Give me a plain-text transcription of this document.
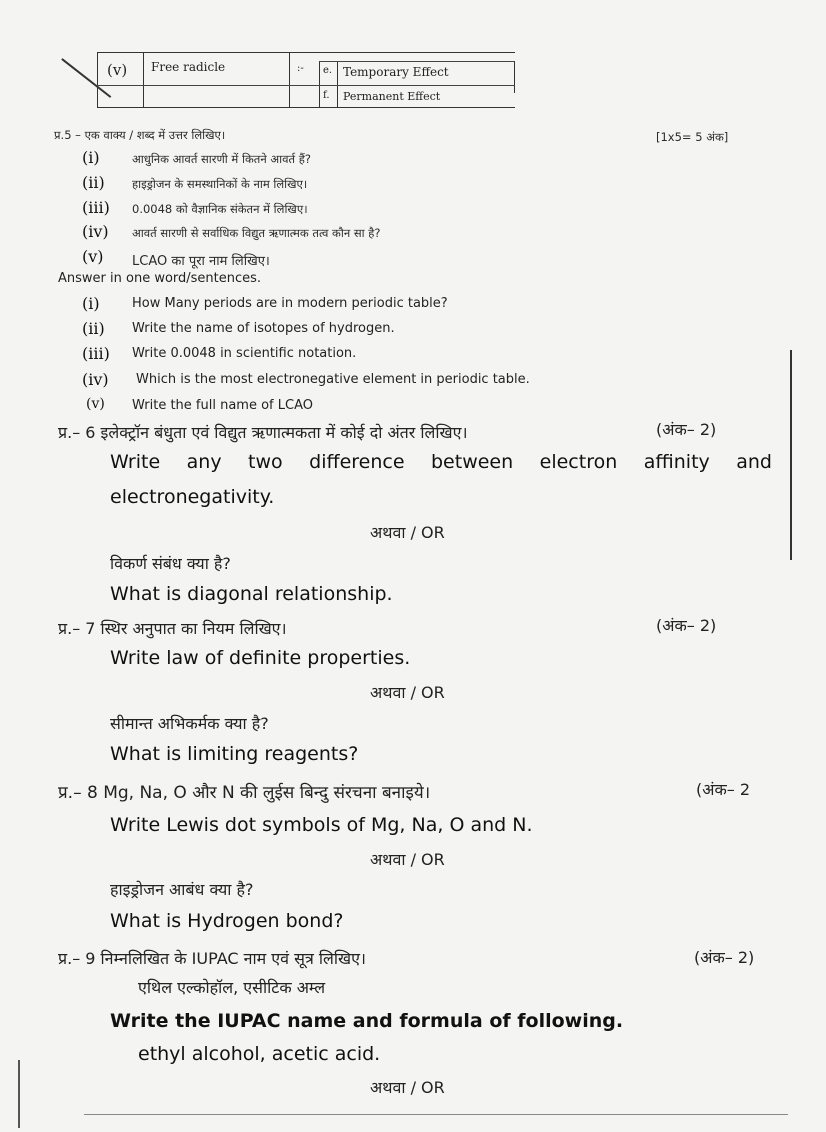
(v) Free radicle	:- e. Temporary Effect
f. Permanent Effect
प्र.5 – एक वाक्य / शब्द में उत्तर लिखिए।	[1x5= 5 अंक]
(i)	आधुनिक आवर्त सारणी में कितने आवर्त हैं?
(ii) हाइड्रोजन के समस्थानिकों के नाम लिखिए।
(iii) 0.0048 को वैज्ञानिक संकेतन में लिखिए।
(iv) आवर्त सारणी से सर्वाधिक विद्युत ऋणात्मक तत्व कौन सा है?
(v) LCAO का पूरा नाम लिखिए।
Answer in one word/sentences.
(i) How Many periods are in modern periodic table?
(ii) Write the name of isotopes of hydrogen.
(iii) Write 0.0048 in scientific notation.
(iv) Which is the most electronegative element in periodic table.
(v) Write the full name of LCAO
प्र.– 6 इलेक्ट्रॉन बंधुता एवं विद्युत ऋणात्मकता में कोई दो अंतर लिखिए।	(अंक– 2)
Write any two difference between electron affinity and
electronegativity.
अथवा / OR
विकर्ण संबंध क्या है?
What is diagonal relationship.
प्र.– 7 स्थिर अनुपात का नियम लिखिए।	(अंक– 2)
Write law of definite properties.
अथवा / OR
सीमान्त अभिकर्मक क्या है?
What is limiting reagents?
प्र.– 8 Mg, Na, O और N की लुईस बिन्दु संरचना बनाइये।	(अंक– 2
Write Lewis dot symbols of Mg, Na, O and N.
अथवा / OR
हाइड्रोजन आबंध क्या है?
What is Hydrogen bond?
प्र.– 9 निम्नलिखित के IUPAC नाम एवं सूत्र लिखिए।	(अंक– 2)
एथिल एल्कोहॉल, एसीटिक अम्ल
Write the IUPAC name and formula of following.
ethyl alcohol, acetic acid.
अथवा / OR
